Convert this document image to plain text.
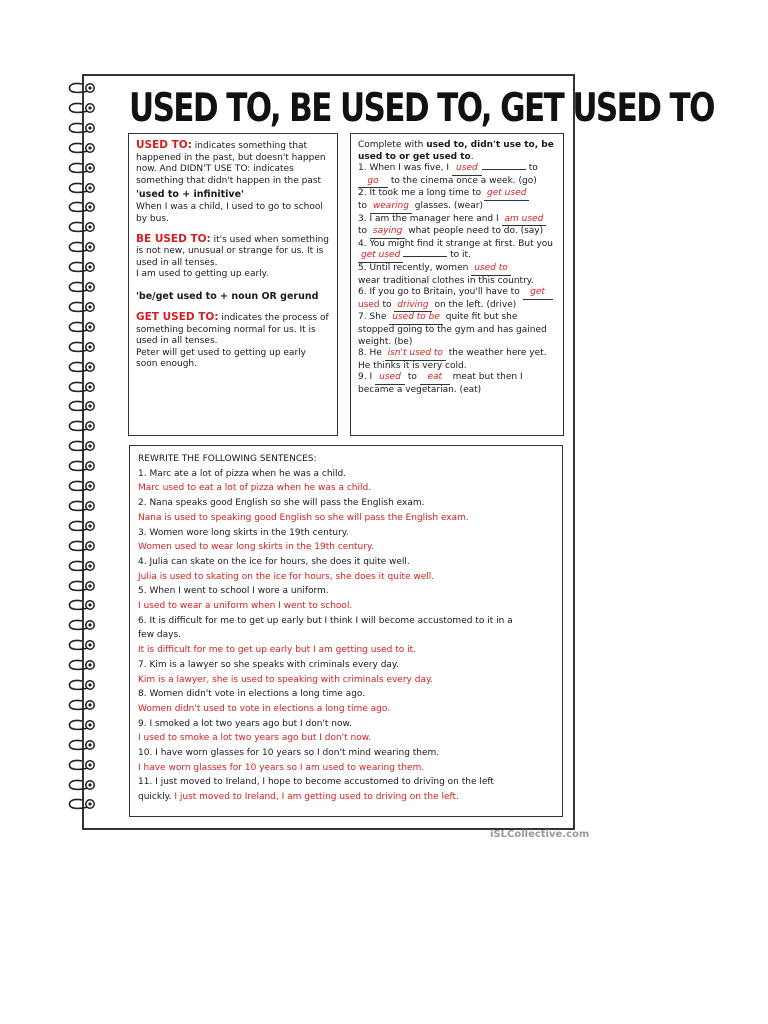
USED TO, BE USED TO, GET USED TO

USED TO: indicates something that happened in the past, but doesn't happen now. And DIDN'T USE TO: indicates something that didn't happen in the past

'used to + infinitive'

When I was a child, I used to go to school by bus.

BE USED TO: it's used when something is not new, unusual or strange for us. It is used in all tenses.

I am used to getting up early.

'be/get used to + noun OR gerund

GET USED TO: indicates the process of something becoming normal for us. It is used in all tenses.

Peter will get used to getting up early soon enough.

Complete with used to, didn't use to, be used to or get used to.

1. When I was five, I used	to
go to the cinema once a week. (go)

2. It took me a long time to get used
to wearing glasses. (wear)

3. I am the manager here and I am used
to saying what people need to do. (say)

4. You might find it strange at first. But you
get used	to it.

5. Until recently, women used to
wear traditional clothes in this country.

6. If you go to Britain, you'll have to get
used to driving on the left. (drive)

7. She used to be quite fit but she stopped going to the gym and has gained weight. (be)

8. He isn't used to the weather here yet. He thinks it is very cold.

9. I used to eat meat but then I became a vegetarian. (eat)

REWRITE THE FOLLOWING SENTENCES:

1. Marc ate a lot of pizza when he was a child.

Marc used to eat a lot of pizza when he was a child.

2. Nana speaks good English so she will pass the English exam.

Nana is used to speaking good English so she will pass the English exam.

3. Women wore long skirts in the 19th century.

Women used to wear long skirts in the 19th century.

4. Julia can skate on the ice for hours, she does it quite well.

Julia is used to skating on the ice for hours, she does it quite well.

5. When I went to school I wore a uniform.

I used to wear a uniform when I went to school.

6. It is difficult for me to get up early but I think I will become accustomed to it in a

few days.

It is difficult for me to get up early but I am getting used to it.

7. Kim is a lawyer so she speaks with criminals every day.

Kim is a lawyer, she is used to speaking with criminals every day.

8. Women didn't vote in elections a long time ago.

Women didn't used to vote in elections a long time ago.

9. I smoked a lot two years ago but I don't now.

I used to smoke a lot two years ago but I don't now.

10. I have worn glasses for 10 years so I don't mind wearing them.

I have worn glasses for 10 years so I am used to wearing them.

11. I just moved to Ireland, I hope to become accustomed to driving on the left

quickly. I just moved to Ireland, I am getting used to driving on the left.

iSLCollective.com
